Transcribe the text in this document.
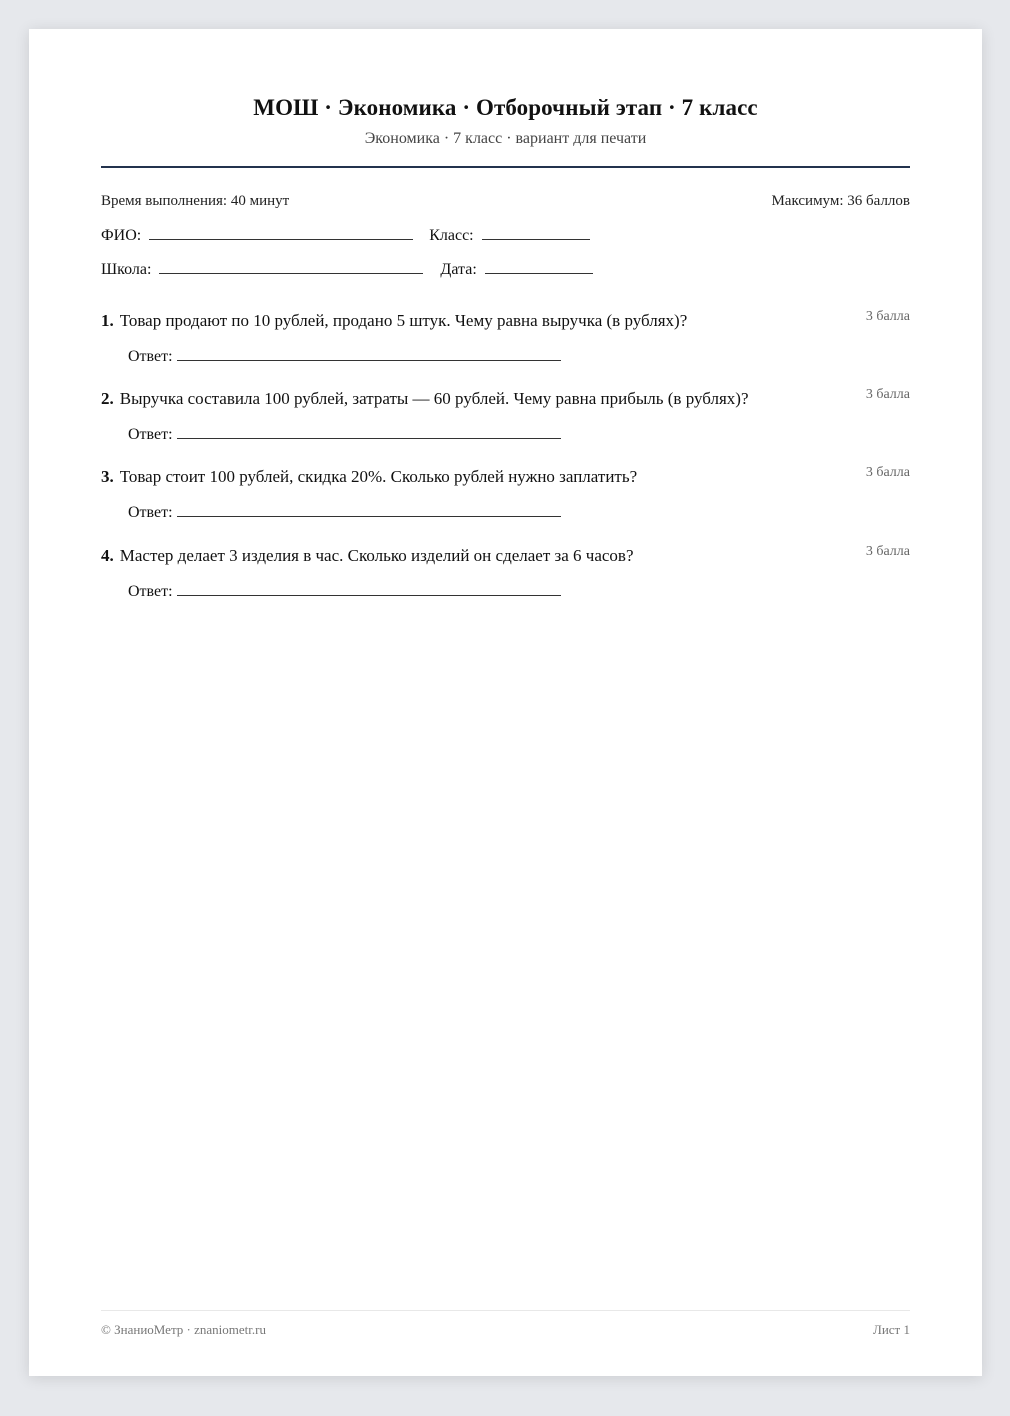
МОШ · Экономика · Отборочный этап · 7 класс
Экономика · 7 класс · вариант для печати
Время выполнения: 40 минут	Максимум: 36 баллов
ФИО:	Класс:
Школа:	Дата:
1. Товар продают по 10 рублей, продано 5 штук. Чему равна выручка (в рублях)?	3 балла
Ответ:
2. Выручка составила 100 рублей, затраты — 60 рублей. Чему равна прибыль (в рублях)?	3 балла
Ответ:
3. Товар стоит 100 рублей, скидка 20%. Сколько рублей нужно заплатить?	3 балла
Ответ:
4. Мастер делает 3 изделия в час. Сколько изделий он сделает за 6 часов?	3 балла
Ответ:
© ЗнаниоМетр · znaniometr.ru	Лист 1
